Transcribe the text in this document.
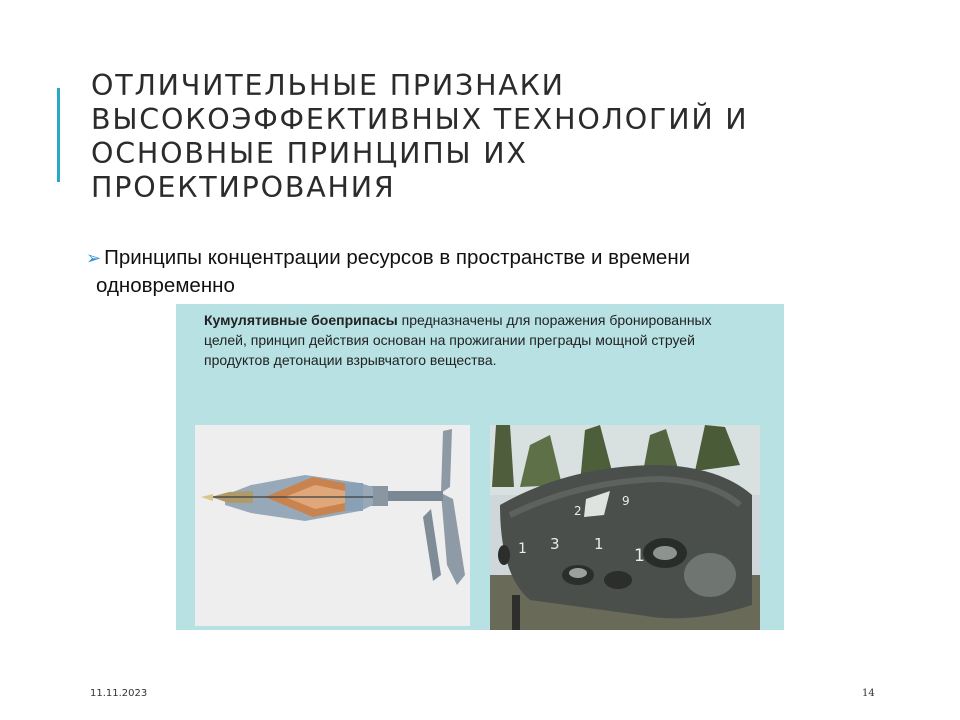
ОТЛИЧИТЕЛЬНЫЕ ПРИЗНАКИ
ВЫСОКОЭФФЕКТИВНЫХ ТЕХНОЛОГИЙ И
ОСНОВНЫЕ ПРИНЦИПЫ ИХ
ПРОЕКТИРОВАНИЯ
➢ Принципы концентрации ресурсов в пространстве и времени
одновременно
Кумулятивные боеприпасы предназначены для поражения бронированных целей, принцип действия основан на прожигании преграды мощной струей продуктов детонации взрывчатого вещества.
1 3 1
1
2
9
11.11.2023	14
